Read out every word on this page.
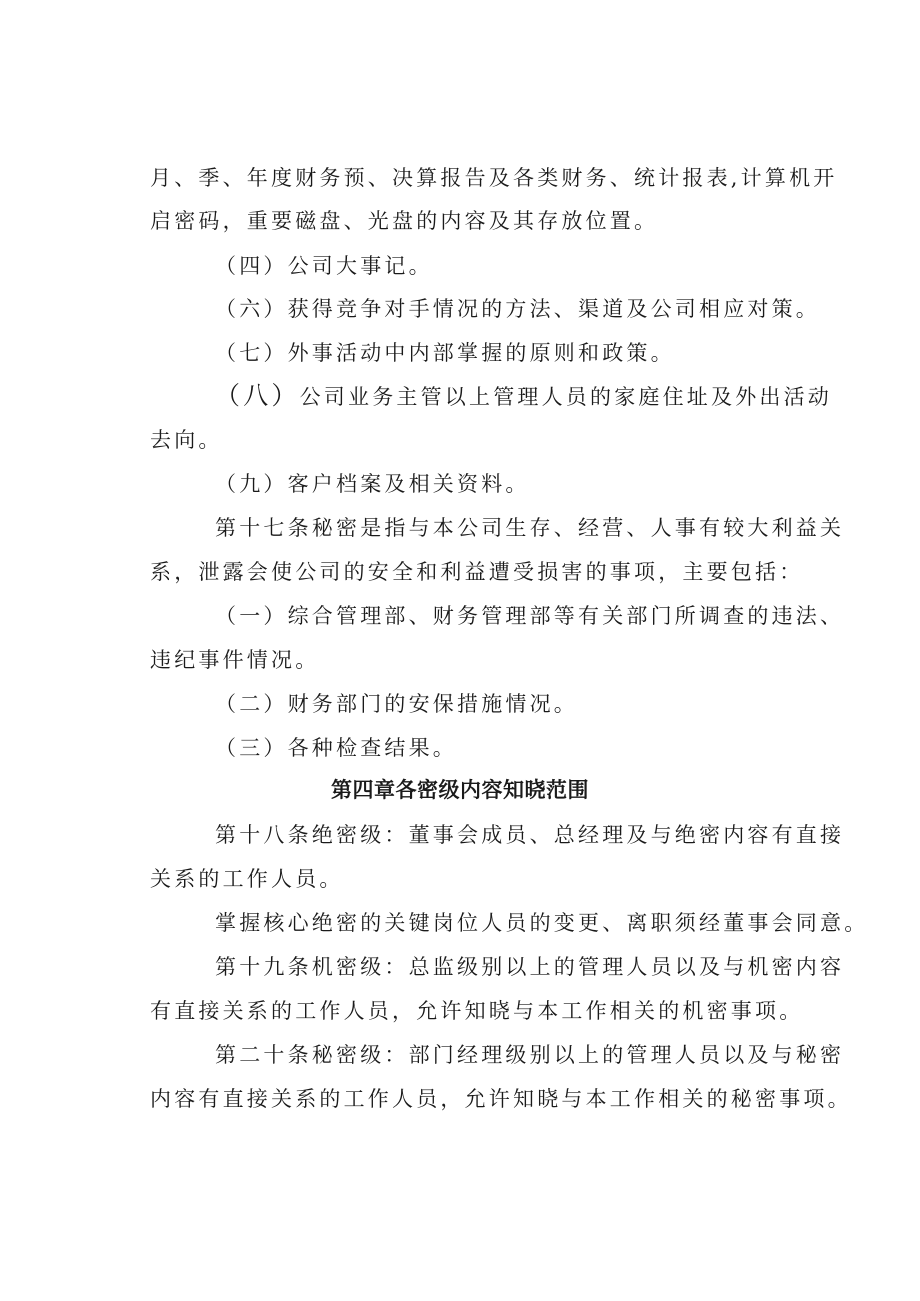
月、季、年度财务预、决算报告及各类财务、统计报表,计算机开
启密码，重要磁盘、光盘的内容及其存放位置。
（四）公司大事记。
（六）获得竞争对手情况的方法、渠道及公司相应对策。
（七）外事活动中内部掌握的原则和政策。
（八）公司业务主管以上管理人员的家庭住址及外出活动
去向。
（九）客户档案及相关资料。
第十七条秘密是指与本公司生存、经营、人事有较大利益关
系，泄露会使公司的安全和利益遭受损害的事项，主要包括：
（一）综合管理部、财务管理部等有关部门所调查的违法、
违纪事件情况。
（二）财务部门的安保措施情况。
（三）各种检查结果。
第四章各密级内容知晓范围
第十八条绝密级：董事会成员、总经理及与绝密内容有直接
关系的工作人员。
掌握核心绝密的关键岗位人员的变更、离职须经董事会同意。
第十九条机密级：总监级别以上的管理人员以及与机密内容
有直接关系的工作人员，允许知晓与本工作相关的机密事项。
第二十条秘密级：部门经理级别以上的管理人员以及与秘密
内容有直接关系的工作人员，允许知晓与本工作相关的秘密事项。
